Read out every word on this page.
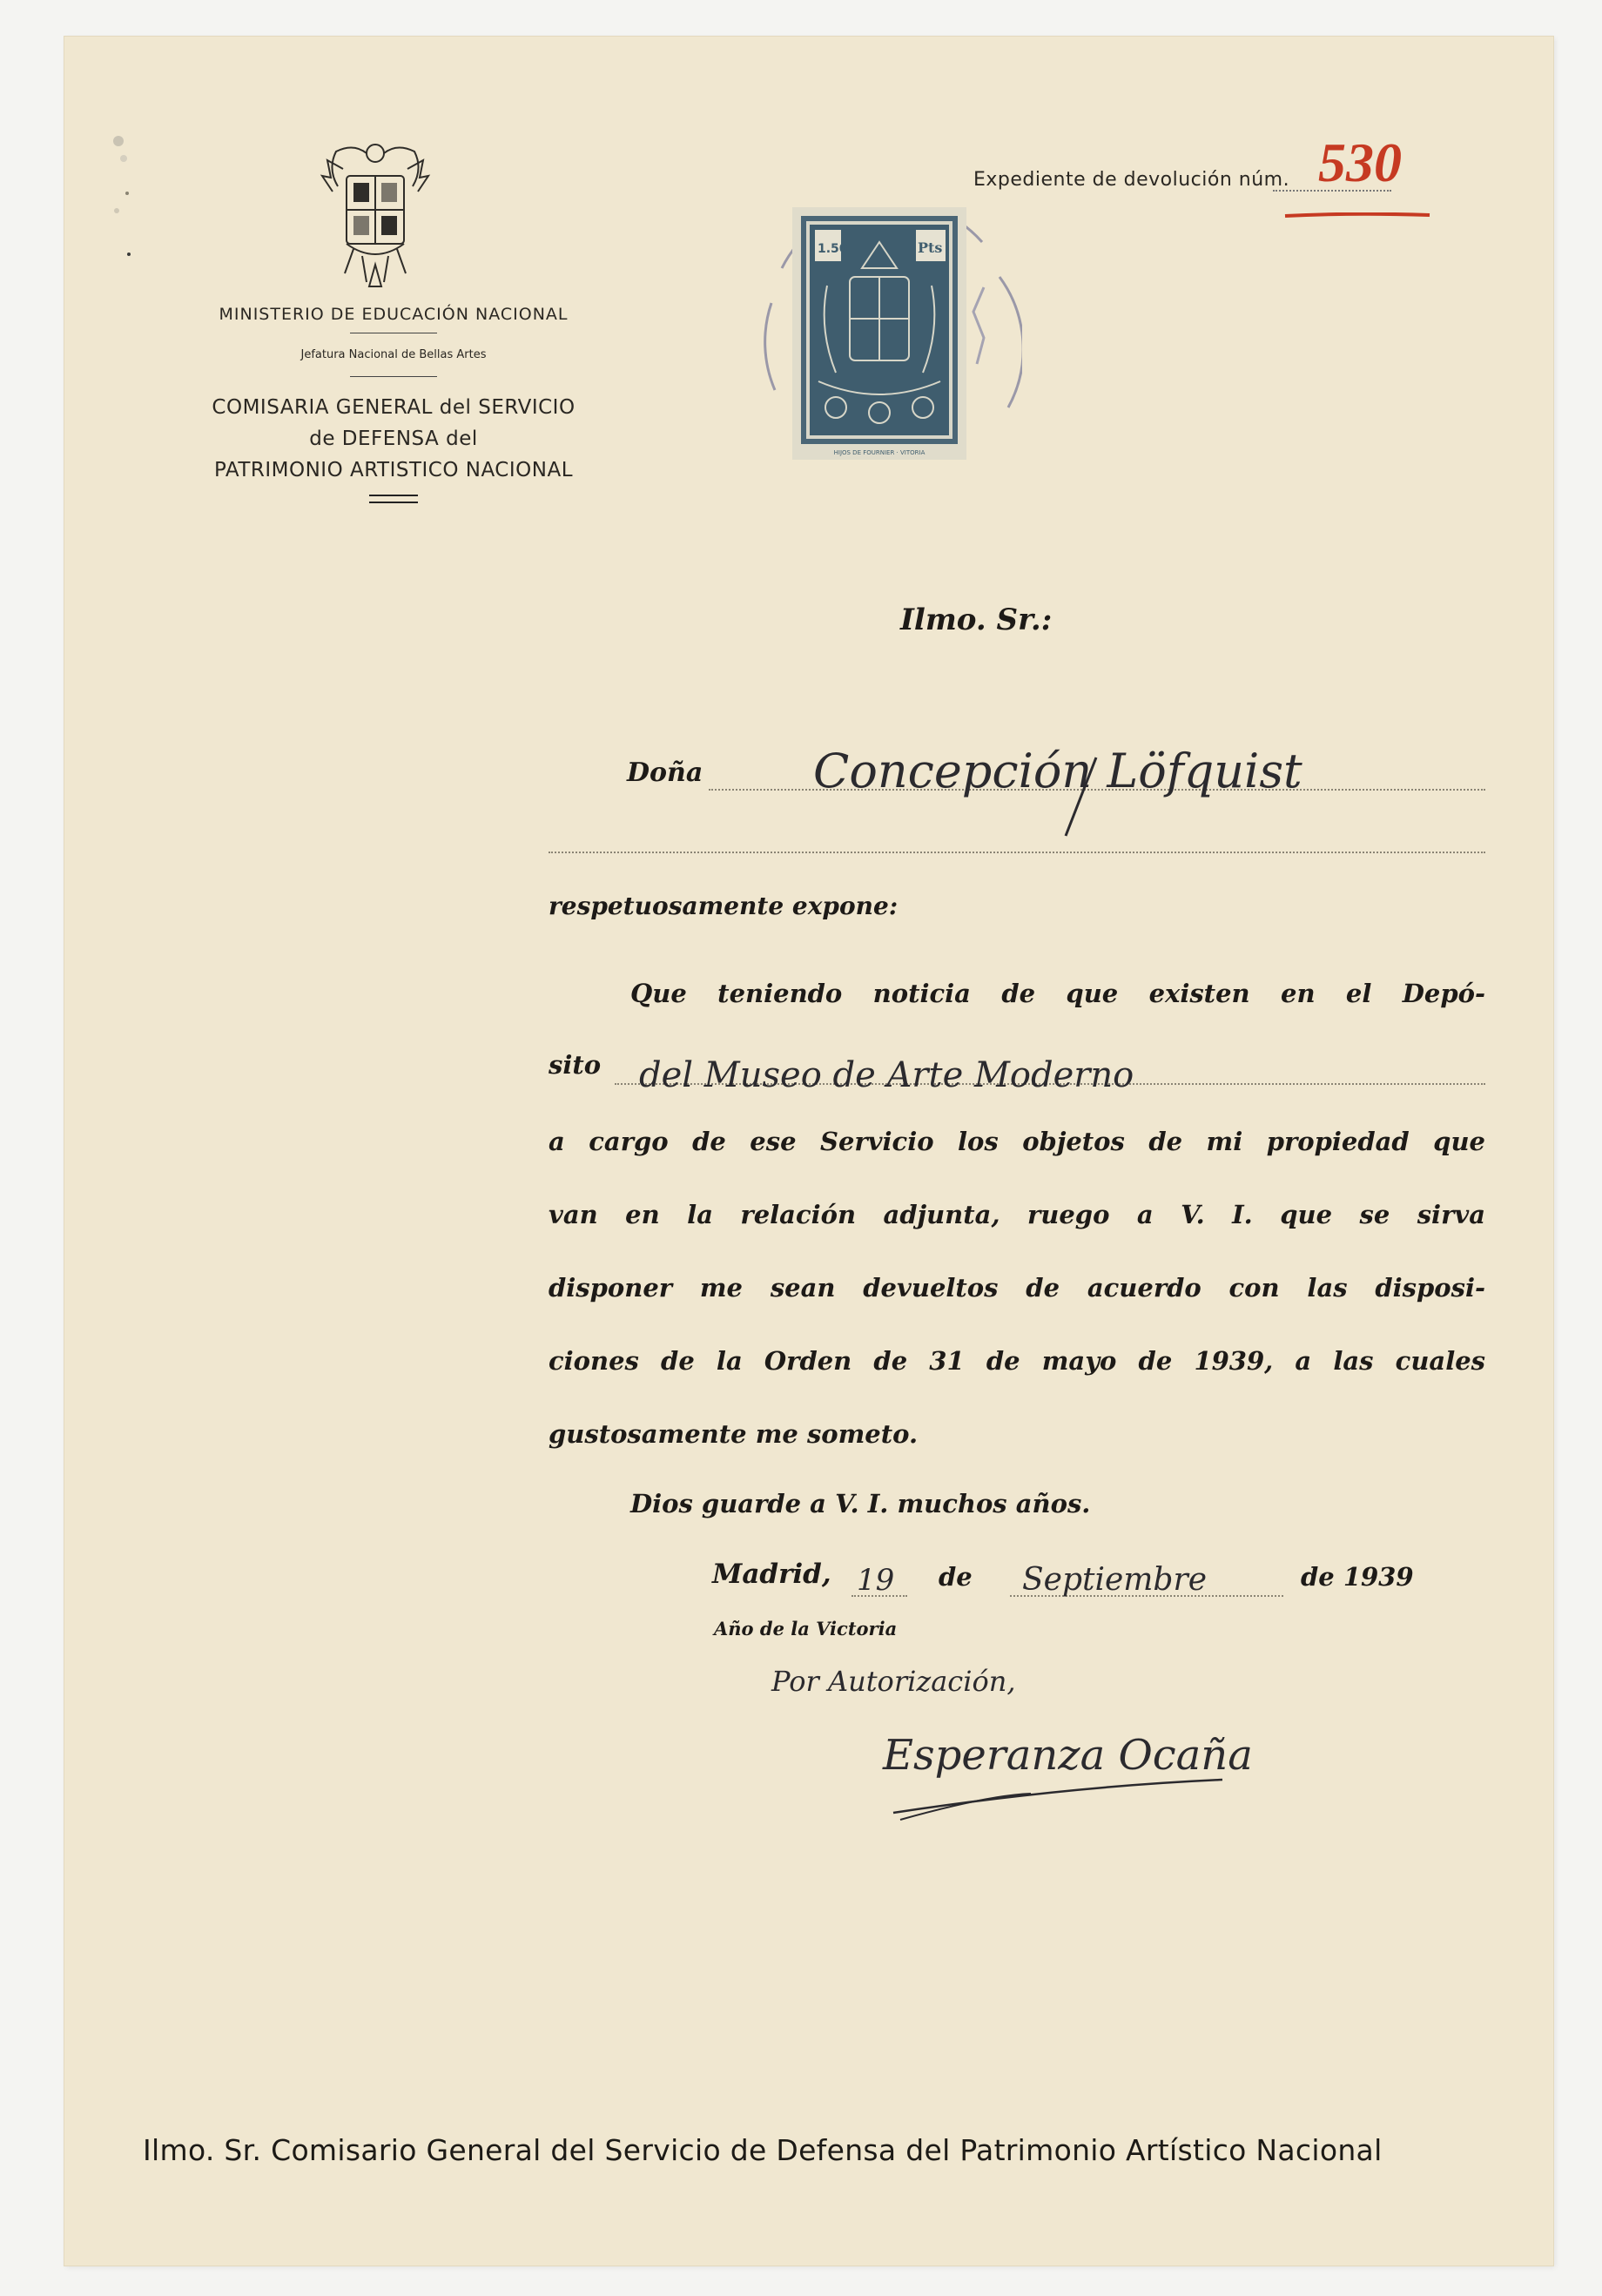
MINISTERIO DE EDUCACIÓN NACIONAL
Jefatura Nacional de Bellas Artes
COMISARIA GENERAL del SERVICIO
de DEFENSA del
PATRIMONIO ARTISTICO NACIONAL
Expediente de devolución núm. 530
1.50	Pts
HIJOS DE FOURNIER · VITORIA
Ilmo. Sr.:
Doña Concepción Löfquist
respetuosamente expone:
Que teniendo noticia de que existen en el Depó-
sito del Museo de Arte Moderno
a cargo de ese Servicio los objetos de mi propiedad que
van en la relación adjunta, ruego a V. I. que se sirva
disponer me sean devueltos de acuerdo con las disposi-
ciones de la Orden de 31 de mayo de 1939, a las cuales
gustosamente me someto.
Dios guarde a V. I. muchos años.
Madrid,	de	de 1939
19	Septiembre
Año de la Victoria
Por Autorización,
Esperanza Ocaña
Ilmo. Sr. Comisario General del Servicio de Defensa del Patrimonio Artístico Nacional
